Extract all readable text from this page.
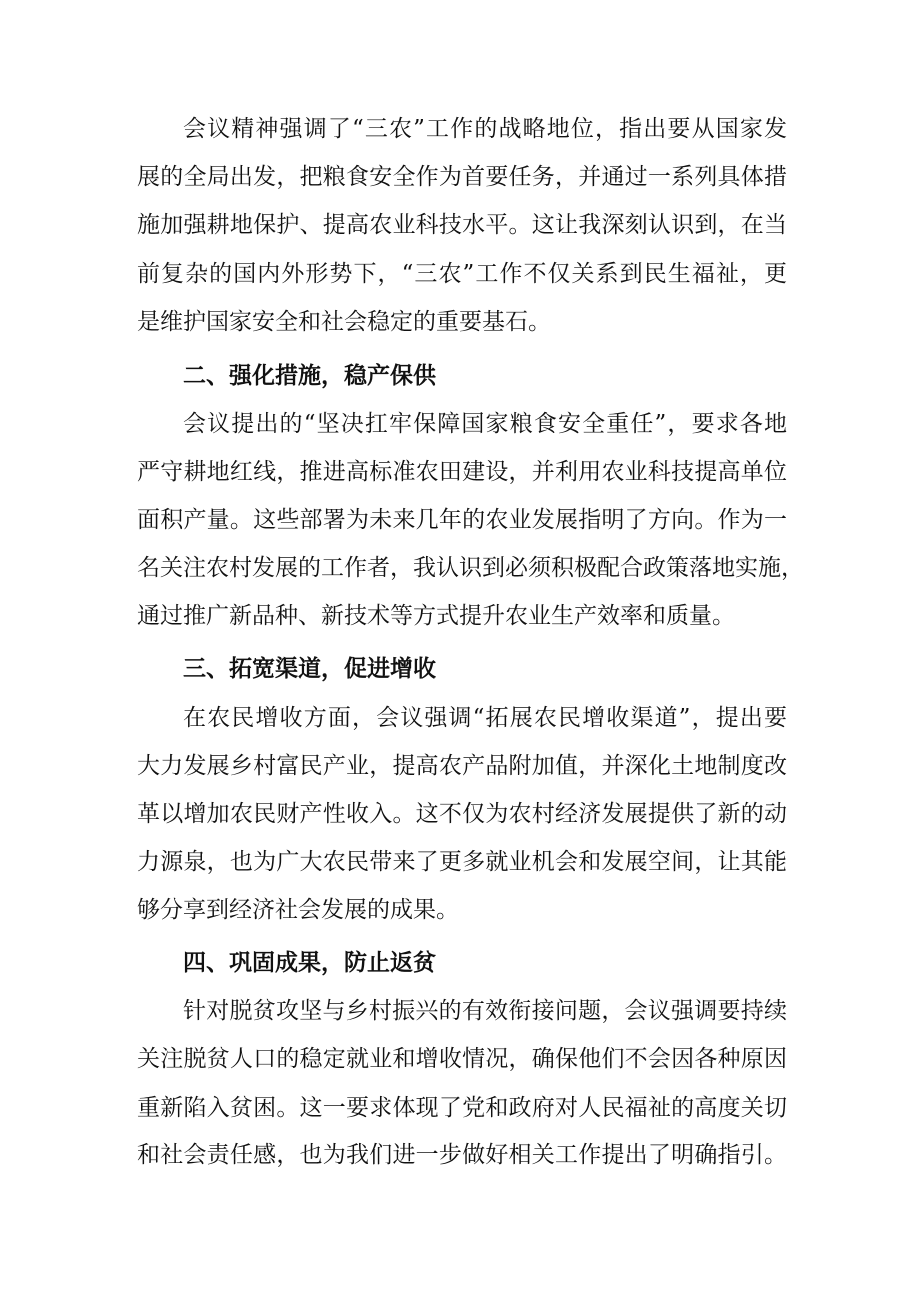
会议精神强调了“三农”工作的战略地位，指出要从国家发
展的全局出发，把粮食安全作为首要任务，并通过一系列具体措
施加强耕地保护、提高农业科技水平。这让我深刻认识到，在当
前复杂的国内外形势下，“三农”工作不仅关系到民生福祉，更
是维护国家安全和社会稳定的重要基石。
二、强化措施，稳产保供
会议提出的“坚决扛牢保障国家粮食安全重任”，要求各地
严守耕地红线，推进高标准农田建设，并利用农业科技提高单位
面积产量。这些部署为未来几年的农业发展指明了方向。作为一
名关注农村发展的工作者，我认识到必须积极配合政策落地实施，
通过推广新品种、新技术等方式提升农业生产效率和质量。
三、拓宽渠道，促进增收
在农民增收方面，会议强调“拓展农民增收渠道”，提出要
大力发展乡村富民产业，提高农产品附加值，并深化土地制度改
革以增加农民财产性收入。这不仅为农村经济发展提供了新的动
力源泉，也为广大农民带来了更多就业机会和发展空间，让其能
够分享到经济社会发展的成果。
四、巩固成果，防止返贫
针对脱贫攻坚与乡村振兴的有效衔接问题，会议强调要持续
关注脱贫人口的稳定就业和增收情况，确保他们不会因各种原因
重新陷入贫困。这一要求体现了党和政府对人民福祉的高度关切
和社会责任感，也为我们进一步做好相关工作提出了明确指引。
